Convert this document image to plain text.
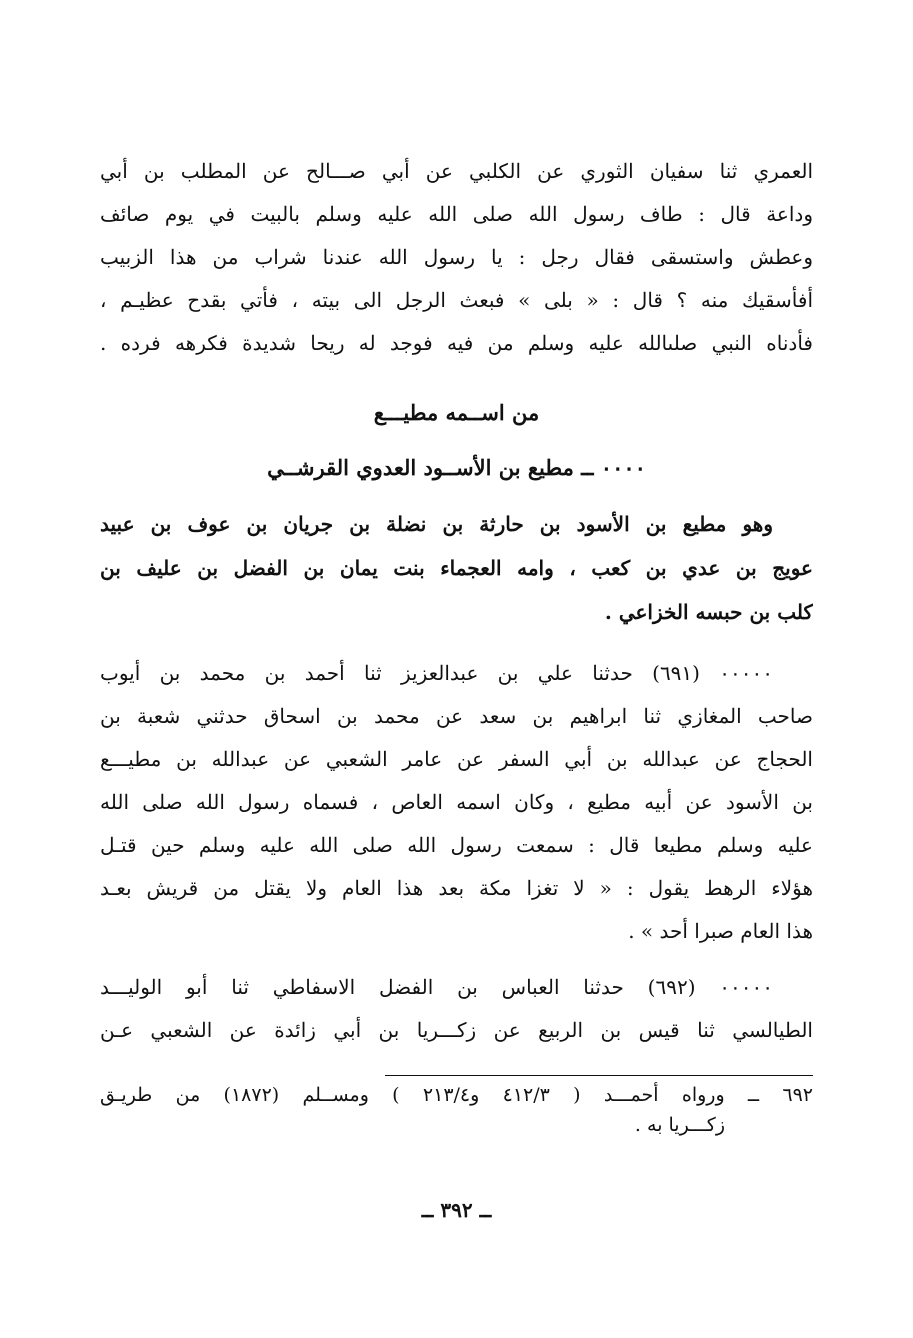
العمري ثنا سفيان الثوري عن الكلبي عن أبي صـــالح عن المطلب بن أبي
وداعة قال : طاف رسول الله صلى الله عليه وسلم بالبيت في يوم صائف
وعطش واستسقى فقال رجل : يا رسول الله عندنا شراب من هذا الزبيب
أفأسقيك منه ؟ قال : « بلى » فبعث الرجل الى بيته ، فأتي بقدح عظيـم ،
فأدناه النبي صلىالله عليه وسلم من فيه فوجد له ريحا شديدة فكرهه فرده .
من اســمه مطيـــع
٠٠٠٠ ــ مطيع بن الأســود العدوي القرشــي
وهو مطيع بن الأسود بن حارثة بن نضلة بن جريان بن عوف بن عبيد
عويج بن عدي بن كعب ، وامه العجماء بنت يمان بن الفضل بن عليف بن
كلب بن حبسه الخزاعي .
٠٠٠٠٠ (٦٩١) حدثنا علي بن عبدالعزيز ثنا أحمد بن محمد بن أيوب
صاحب المغازي ثنا ابراهيم بن سعد عن محمد بن اسحاق حدثني شعبة بن
الحجاج عن عبدالله بن أبي السفر عن عامر الشعبي عن عبدالله بن مطيـــع
بن الأسود عن أبيه مطيع ، وكان اسمه العاص ، فسماه رسول الله صلى الله
عليه وسلم مطيعا قال : سمعت رسول الله صلى الله عليه وسلم حين قتـل
هؤلاء الرهط يقول : « لا تغزا مكة بعد هذا العام ولا يقتل من قريش بعـد
هذا العام صبرا أحد » .
٠٠٠٠٠ (٦٩٢) حدثنا العباس بن الفضل الاسفاطي ثنا أبو الوليـــد
الطيالسي ثنا قيس بن الربيع عن زكـــريا بن أبي زائدة عن الشعبي عـن
٦٩٢ ــ ورواه أحمـــد ( ٤١٢/٣ و٢١٣/٤ ) ومســلم (١٨٧٢) من طريـق
زكـــريا به .
ــ ٣٩٢ ــ
